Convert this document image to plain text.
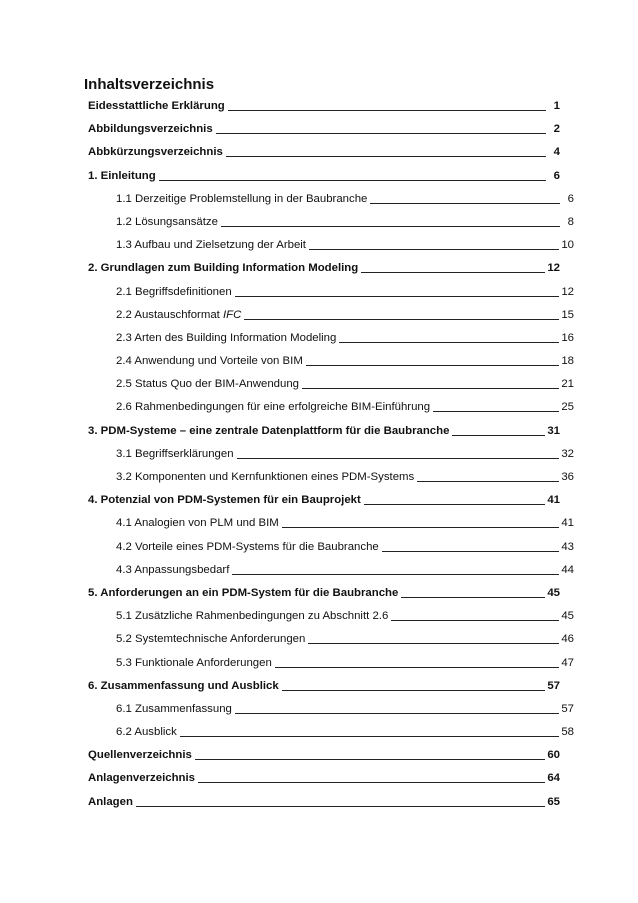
Inhaltsverzeichnis
Eidesstattliche Erklärung	1
Abbildungsverzeichnis	2
Abbkürzungsverzeichnis	4
1. Einleitung	6
1.1 Derzeitige Problemstellung in der Baubranche	6
1.2 Lösungsansätze	8
1.3 Aufbau und Zielsetzung der Arbeit	10
2. Grundlagen zum Building Information Modeling	12
2.1 Begriffsdefinitionen	12
2.2 Austauschformat IFC	15
2.3 Arten des Building Information Modeling	16
2.4 Anwendung und Vorteile von BIM	18
2.5 Status Quo der BIM-Anwendung	21
2.6 Rahmenbedingungen für eine erfolgreiche BIM-Einführung	25
3. PDM-Systeme – eine zentrale Datenplattform für die Baubranche	31
3.1 Begriffserklärungen	32
3.2 Komponenten und Kernfunktionen eines PDM-Systems	36
4. Potenzial von PDM-Systemen für ein Bauprojekt	41
4.1 Analogien von PLM und BIM	41
4.2 Vorteile eines PDM-Systems für die Baubranche	43
4.3 Anpassungsbedarf	44
5. Anforderungen an ein PDM-System für die Baubranche	45
5.1 Zusätzliche Rahmenbedingungen zu Abschnitt 2.6	45
5.2 Systemtechnische Anforderungen	46
5.3 Funktionale Anforderungen	47
6. Zusammenfassung und Ausblick	57
6.1 Zusammenfassung	57
6.2 Ausblick	58
Quellenverzeichnis	60
Anlagenverzeichnis	64
Anlagen	65
